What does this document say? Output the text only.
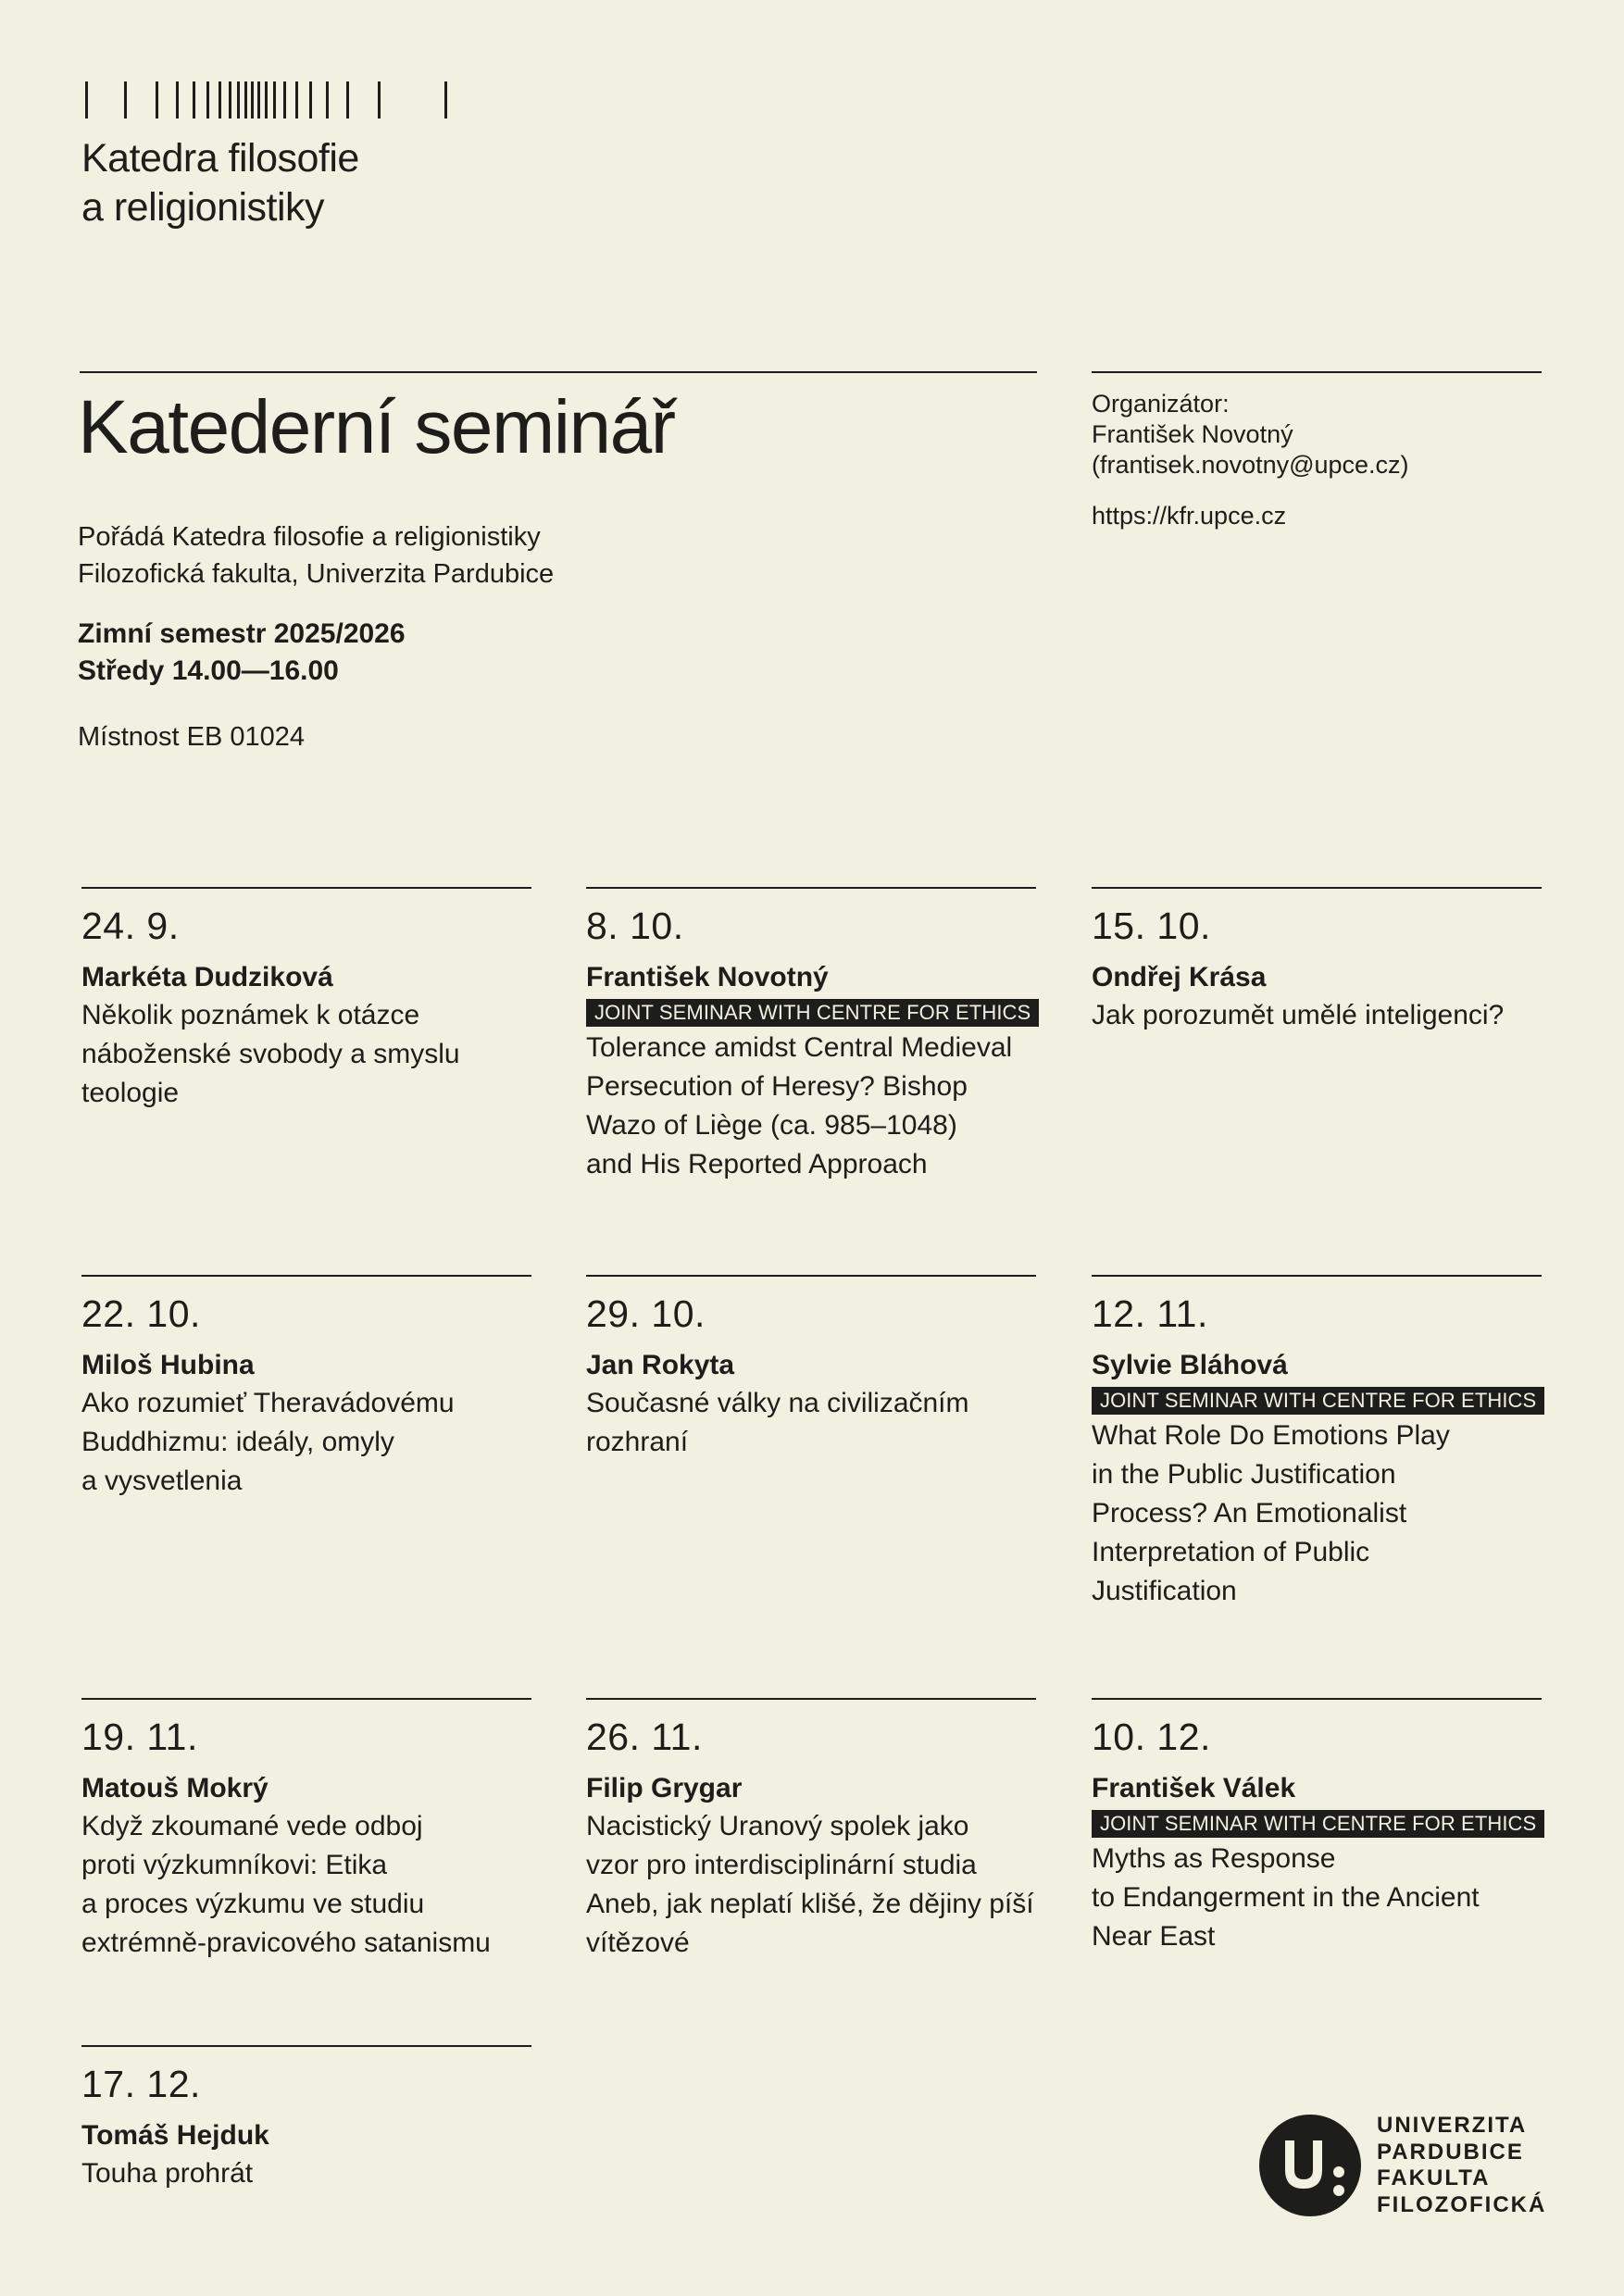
Katedra filosofie
a religionistiky
Katederní seminář
Pořádá Katedra filosofie a religionistiky
Filozofická fakulta, Univerzita Pardubice
Zimní semestr 2025/2026
Středy 14.00—16.00
Místnost EB 01024
Organizátor:
František Novotný
(frantisek.novotny@upce.cz)
https://kfr.upce.cz
24. 9.
Markéta Dudziková
Několik poznámek k otázce
náboženské svobody a smyslu
teologie
8. 10.
František Novotný
JOINT SEMINAR WITH CENTRE FOR ETHICS
Tolerance amidst Central Medieval
Persecution of Heresy? Bishop
Wazo of Liège (ca. 985–1048)
and His Reported Approach
15. 10.
Ondřej Krása
Jak porozumět umělé inteligenci?
22. 10.
Miloš Hubina
Ako rozumieť Theravádovému
Buddhizmu: ideály, omyly
a vysvetlenia
29. 10.
Jan Rokyta
Současné války na civilizačním
rozhraní
12. 11.
Sylvie Bláhová
JOINT SEMINAR WITH CENTRE FOR ETHICS
What Role Do Emotions Play
in the Public Justification
Process? An Emotionalist
Interpretation of Public
Justification
19. 11.
Matouš Mokrý
Když zkoumané vede odboj
proti výzkumníkovi: Etika
a proces výzkumu ve studiu
extrémně-pravicového satanismu
26. 11.
Filip Grygar
Nacistický Uranový spolek jako
vzor pro interdisciplinární studia
Aneb, jak neplatí klišé, že dějiny píší
vítězové
10. 12.
František Válek
JOINT SEMINAR WITH CENTRE FOR ETHICS
Myths as Response
to Endangerment in the Ancient
Near East
17. 12.
Tomáš Hejduk
Touha prohrát
UNIVERZITA
PARDUBICE
FAKULTA
FILOZOFICKÁ
